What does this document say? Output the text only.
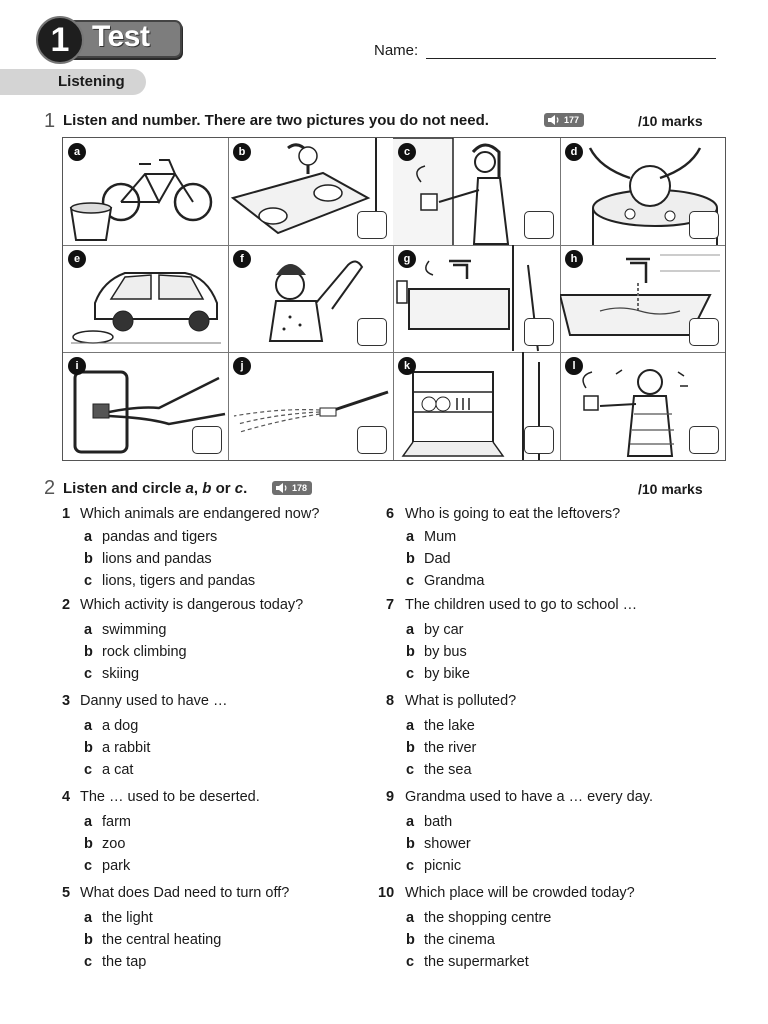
1 Test	Name:
Listening
1 Listen and number. There are two pictures you do not need.	177	/10 marks
a	b	c	d
e	f	g	h
i	j	k	l
2 Listen and circle a, b or c.	178	/10 marks
1 Which animals are endangered now?
a pandas and tigers
b lions and pandas
c lions, tigers and pandas
2 Which activity is dangerous today?
a swimming
b rock climbing
c skiing
3 Danny used to have …
a a dog
b a rabbit
c a cat
4 The … used to be deserted.
a farm
b zoo
c park
5 What does Dad need to turn off?
a the light
b the central heating
c the tap
6 Who is going to eat the leftovers?
a Mum
b Dad
c Grandma
7 The children used to go to school …
a by car
b by bus
c by bike
8 What is polluted?
a the lake
b the river
c the sea
9 Grandma used to have a … every day.
a bath
b shower
c picnic
10 Which place will be crowded today?
a the shopping centre
b the cinema
c the supermarket
